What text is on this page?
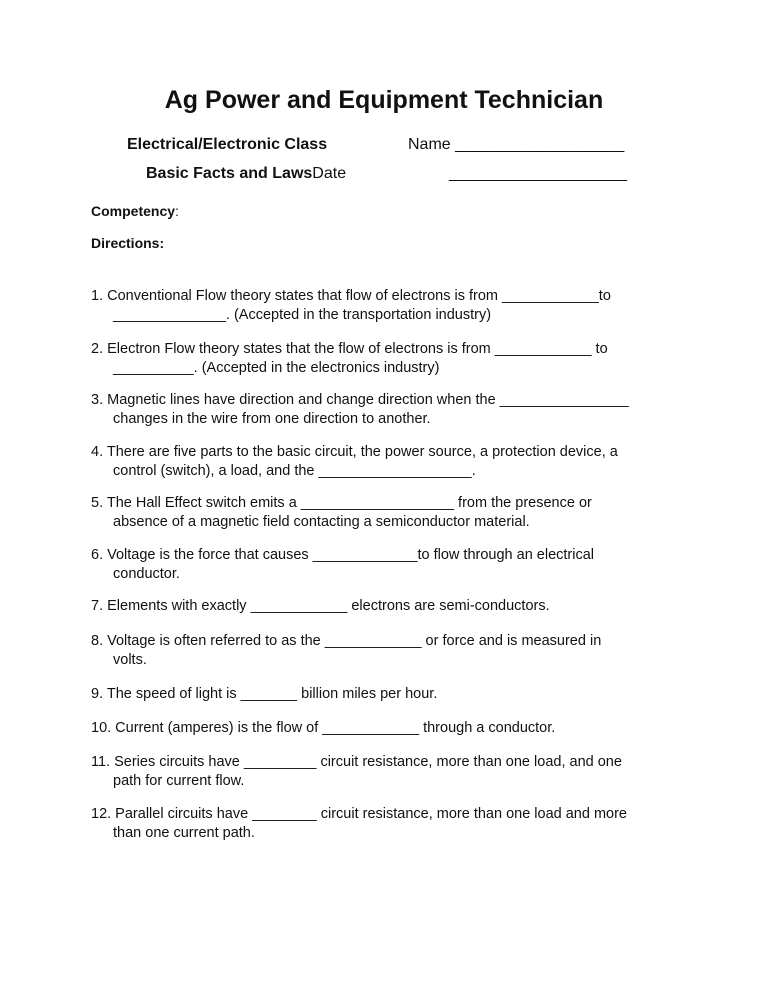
Ag Power and Equipment Technician
Electrical/Electronic Class	Name ___________________
Basic Facts and LawsDate	____________________
Competency:
Directions:
1. Conventional Flow theory states that flow of electrons is from ____________to
______________. (Accepted in the transportation industry)
2. Electron Flow theory states that the flow of electrons is from ____________ to
__________. (Accepted in the electronics industry)
3. Magnetic lines have direction and change direction when the ________________
changes in the wire from one direction to another.
4. There are five parts to the basic circuit, the power source, a protection device, a
control (switch), a load, and the ___________________.
5. The Hall Effect switch emits a ___________________ from the presence or
absence of a magnetic field contacting a semiconductor material.
6. Voltage is the force that causes _____________to flow through an electrical
conductor.
7. Elements with exactly ____________ electrons are semi-conductors.
8. Voltage is often referred to as the ____________ or force and is measured in
volts.
9. The speed of light is _______ billion miles per hour.
10. Current (amperes) is the flow of ____________ through a conductor.
11. Series circuits have _________ circuit resistance, more than one load, and one
path for current flow.
12. Parallel circuits have ________ circuit resistance, more than one load and more
than one current path.
